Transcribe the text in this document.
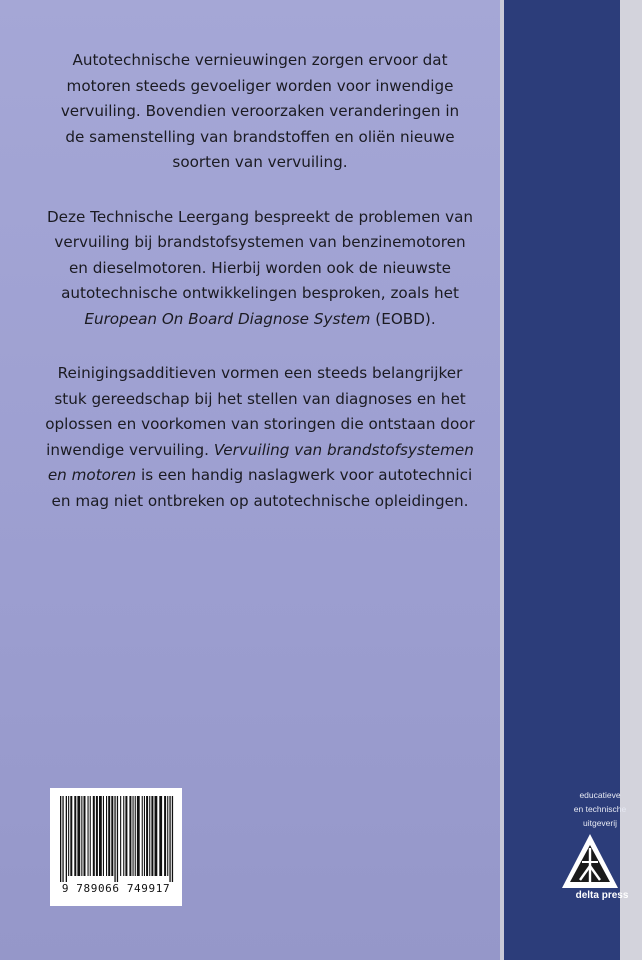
Autotechnische vernieuwingen zorgen ervoor dat
motoren steeds gevoeliger worden voor inwendige
vervuiling. Bovendien veroorzaken veranderingen in
de samenstelling van brandstoffen en oliën nieuwe
soorten van vervuiling.
Deze Technische Leergang bespreekt de problemen van
vervuiling bij brandstofsystemen van benzinemotoren
en dieselmotoren. Hierbij worden ook de nieuwste
autotechnische ontwikkelingen besproken, zoals het
European On Board Diagnose System (EOBD).
Reinigingsadditieven vormen een steeds belangrijker
stuk gereedschap bij het stellen van diagnoses en het
oplossen en voorkomen van storingen die ontstaan door
inwendige vervuiling. Vervuiling van brandstofsystemen
en motoren is een handig naslagwerk voor autotechnici
en mag niet ontbreken op autotechnische opleidingen.
9 789066 749917
educatieve
en technische
uitgeverij
delta press
